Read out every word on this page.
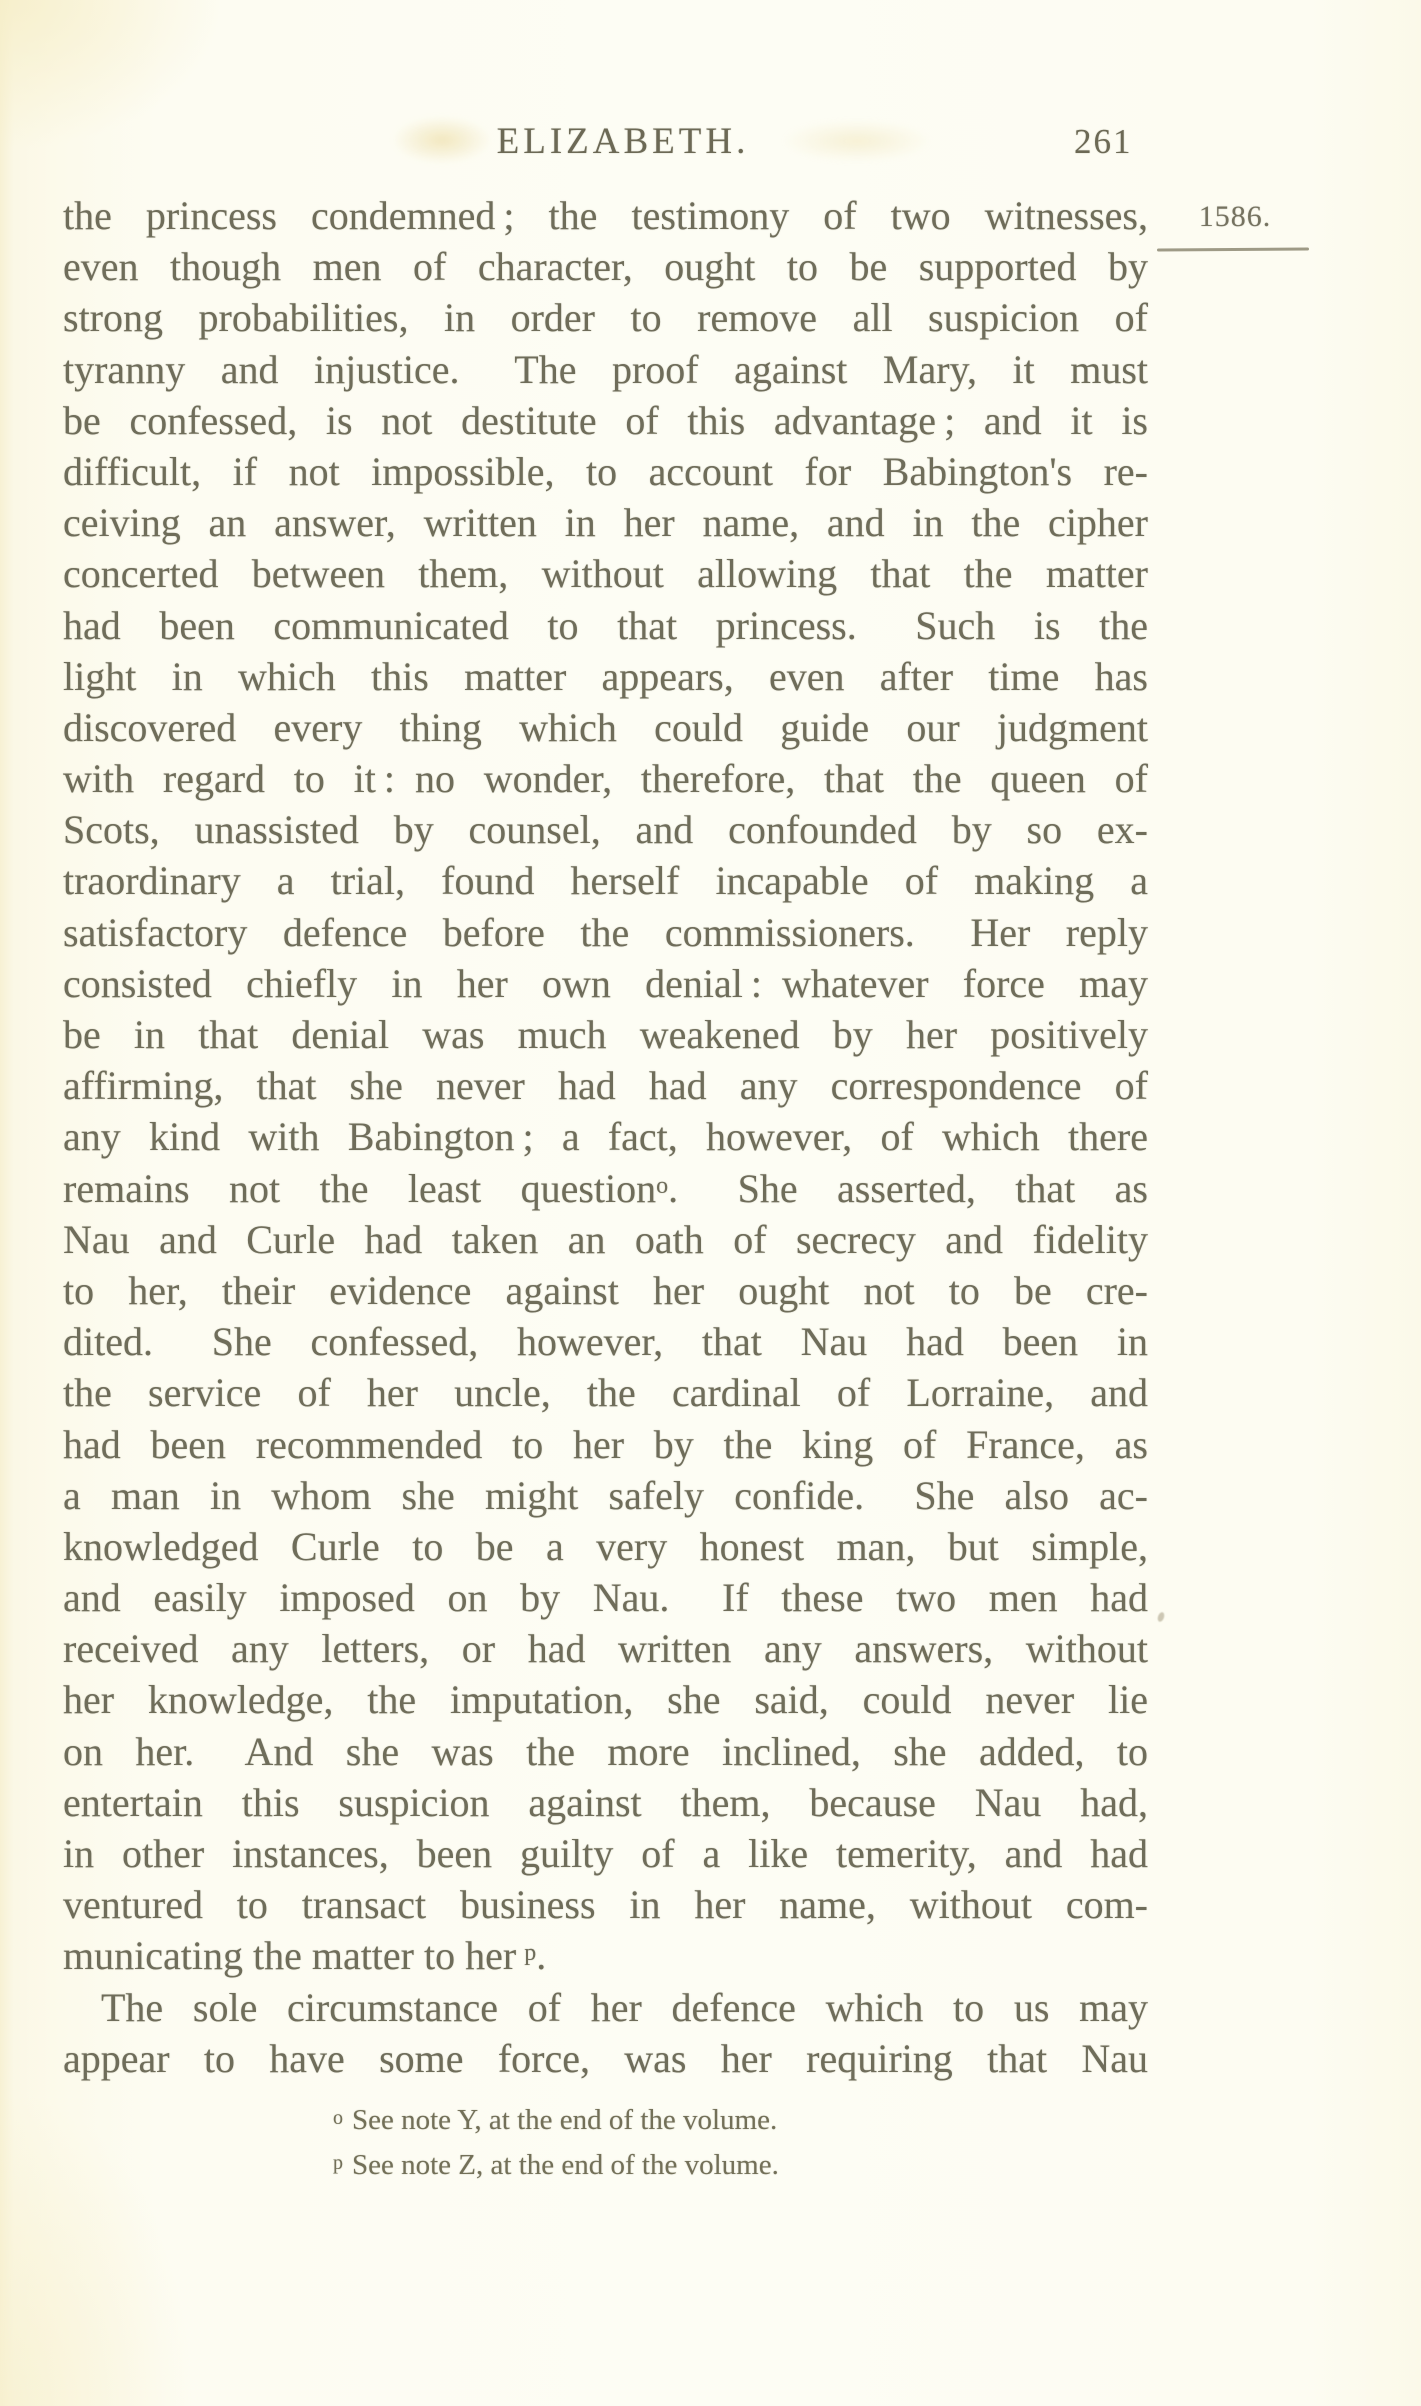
ELIZABETH.	261
1586.
the princess condemned ; the testimony of two witnesses,
even though men of character, ought to be supported by
strong probabilities, in order to remove all suspicion of
tyranny and injustice.  The proof against Mary, it must
be confessed, is not destitute of this advantage ; and it is
difficult, if not impossible, to account for Babington's re-
ceiving an answer, written in her name, and in the cipher
concerted between them, without allowing that the matter
had been communicated to that princess.  Such is the
light in which this matter appears, even after time has
discovered every thing which could guide our judgment
with regard to it : no wonder, therefore, that the queen of
Scots, unassisted by counsel, and confounded by so ex-
traordinary a trial, found herself incapable of making a
satisfactory defence before the commissioners.  Her reply
consisted chiefly in her own denial : whatever force may
be in that denial was much weakened by her positively
affirming, that she never had had any correspondence of
any kind with Babington ; a fact, however, of which there
remains not the least question$^o$.  She asserted, that as
Nau and Curle had taken an oath of secrecy and fidelity
to her, their evidence against her ought not to be cre-
dited.  She confessed, however, that Nau had been in
the service of her uncle, the cardinal of Lorraine, and
had been recommended to her by the king of France, as
a man in whom she might safely confide.  She also ac-
knowledged Curle to be a very honest man, but simple,
and easily imposed on by Nau.  If these two men had
received any letters, or had written any answers, without
her knowledge, the imputation, she said, could never lie
on her.  And she was the more inclined, she added, to
entertain this suspicion against them, because Nau had,
in other instances, been guilty of a like temerity, and had
ventured to transact business in her name, without com-
municating the matter to her $^p$.
The sole circumstance of her defence which to us may
appear to have some force, was her requiring that Nau
$^o$ See note Y, at the end of the volume.
$^p$ See note Z, at the end of the volume.
